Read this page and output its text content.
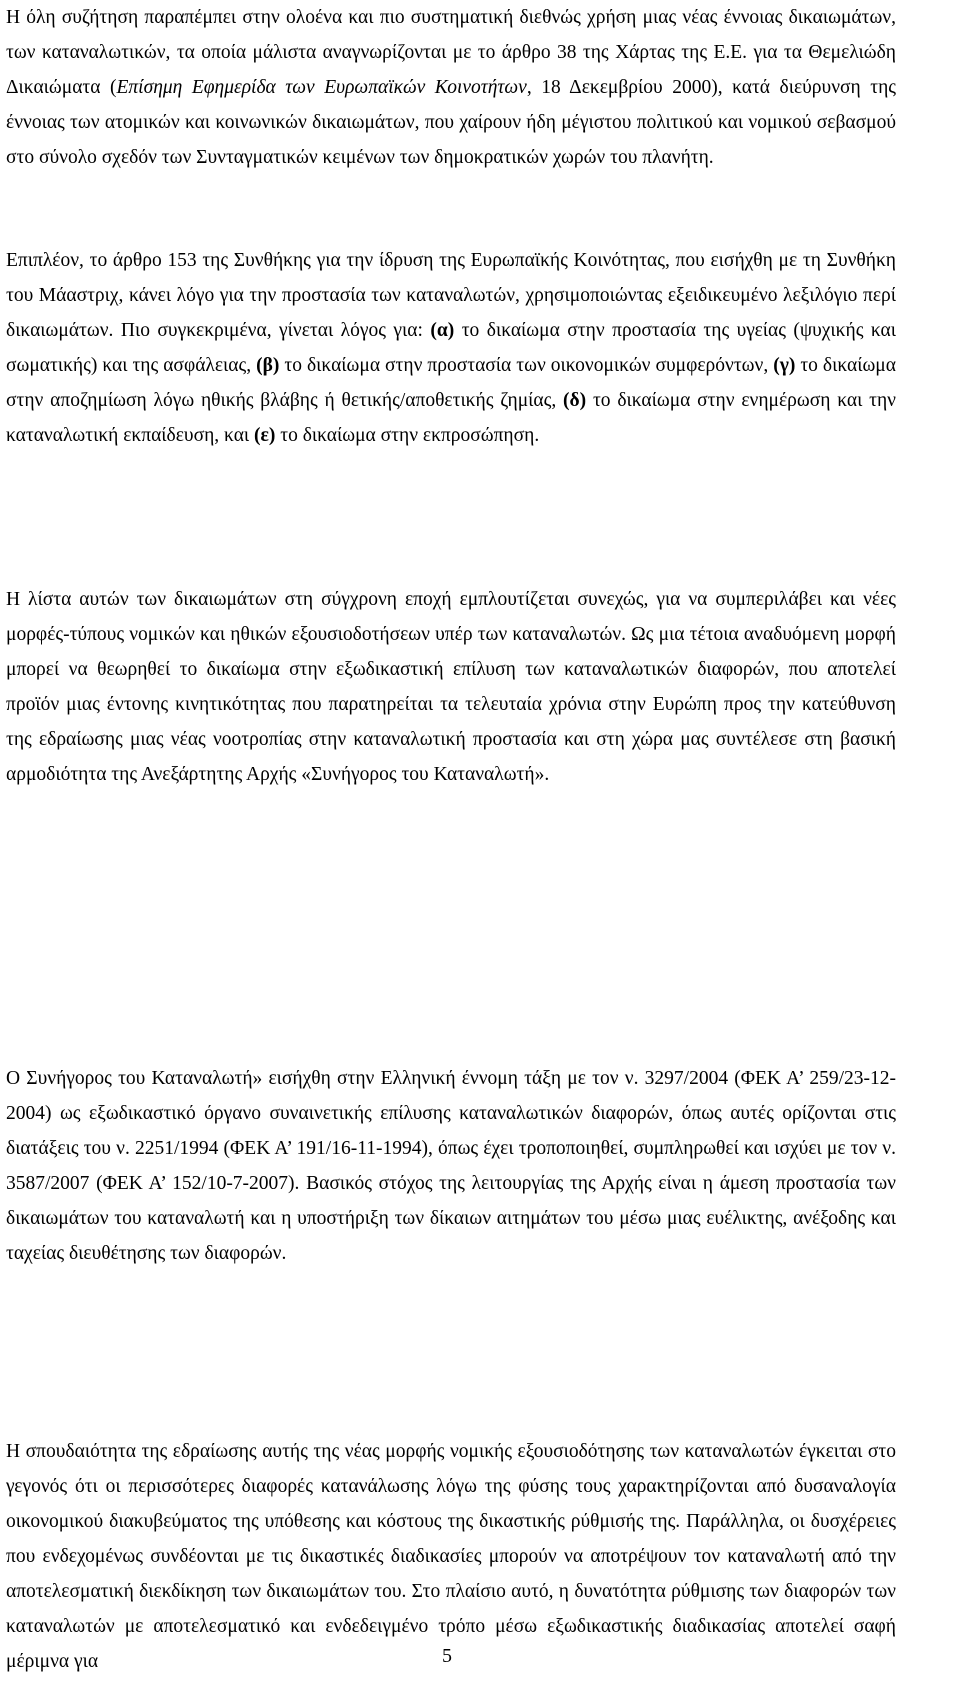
Η όλη συζήτηση παραπέμπει στην ολοένα και πιο συστηματική διεθνώς χρήση μιας νέας έννοιας δικαιωμάτων, των καταναλωτικών, τα οποία μάλιστα αναγνωρίζονται με το άρθρο 38 της Χάρτας της Ε.Ε. για τα Θεμελιώδη Δικαιώματα (Επίσημη Εφημερίδα των Ευρωπαϊκών Κοινοτήτων, 18 Δεκεμβρίου 2000), κατά διεύρυνση της έννοιας των ατομικών και κοινωνικών δικαιωμάτων, που χαίρουν ήδη μέγιστου πολιτικού και νομικού σεβασμού στο σύνολο σχεδόν των Συνταγματικών κειμένων των δημοκρατικών χωρών του πλανήτη.

Επιπλέον, το άρθρο 153 της Συνθήκης για την ίδρυση της Ευρωπαϊκής Κοινότητας, που εισήχθη με τη Συνθήκη του Μάαστριχ, κάνει λόγο για την προστασία των καταναλωτών, χρησιμοποιώντας εξειδικευμένο λεξιλόγιο περί δικαιωμάτων. Πιο συγκεκριμένα, γίνεται λόγος για: (α) το δικαίωμα στην προστασία της υγείας (ψυχικής και σωματικής) και της ασφάλειας, (β) το δικαίωμα στην προστασία των οικονομικών συμφερόντων, (γ) το δικαίωμα στην αποζημίωση λόγω ηθικής βλάβης ή θετικής/αποθετικής ζημίας, (δ) το δικαίωμα στην ενημέρωση και την καταναλωτική εκπαίδευση, και (ε) το δικαίωμα στην εκπροσώπηση.

Η λίστα αυτών των δικαιωμάτων στη σύγχρονη εποχή εμπλουτίζεται συνεχώς, για να συμπεριλάβει και νέες μορφές-τύπους νομικών και ηθικών εξουσιοδοτήσεων υπέρ των καταναλωτών. Ως μια τέτοια αναδυόμενη μορφή μπορεί να θεωρηθεί το δικαίωμα στην εξωδικαστική επίλυση των καταναλωτικών διαφορών, που αποτελεί προϊόν μιας έντονης κινητικότητας που παρατηρείται τα τελευταία χρόνια στην Ευρώπη προς την κατεύθυνση της εδραίωσης μιας νέας νοοτροπίας στην καταναλωτική προστασία και στη χώρα μας συντέλεσε στη βασική αρμοδιότητα της Ανεξάρτητης Αρχής «Συνήγορος του Καταναλωτή».

Ο Συνήγορος του Καταναλωτή» εισήχθη στην Ελληνική έννομη τάξη με τον ν. 3297/2004 (ΦΕΚ Α’ 259/23-12-2004) ως εξωδικαστικό όργανο συναινετικής επίλυσης καταναλωτικών διαφορών, όπως αυτές ορίζονται στις διατάξεις του ν. 2251/1994 (ΦΕΚ Α’ 191/16-11-1994), όπως έχει τροποποιηθεί, συμπληρωθεί και ισχύει με τον ν. 3587/2007 (ΦΕΚ Α’ 152/10-7-2007). Βασικός στόχος της λειτουργίας της Αρχής είναι η άμεση προστασία των δικαιωμάτων του καταναλωτή και η υποστήριξη των δίκαιων αιτημάτων του μέσω μιας ευέλικτης, ανέξοδης και ταχείας διευθέτησης των διαφορών.

Η σπουδαιότητα της εδραίωσης αυτής της νέας μορφής νομικής εξουσιοδότησης των καταναλωτών έγκειται στο γεγονός ότι οι περισσότερες διαφορές κατανάλωσης λόγω της φύσης τους χαρακτηρίζονται από δυσαναλογία οικονομικού διακυβεύματος της υπόθεσης και κόστους της δικαστικής ρύθμισής της. Παράλληλα, οι δυσχέρειες που ενδεχομένως συνδέονται με τις δικαστικές διαδικασίες μπορούν να αποτρέψουν τον καταναλωτή από την αποτελεσματική διεκδίκηση των δικαιωμάτων του. Στο πλαίσιο αυτό, η δυνατότητα ρύθμισης των διαφορών των καταναλωτών με αποτελεσματικό και ενδεδειγμένο τρόπο μέσω εξωδικαστικής διαδικασίας αποτελεί σαφή μέριμνα για	5
